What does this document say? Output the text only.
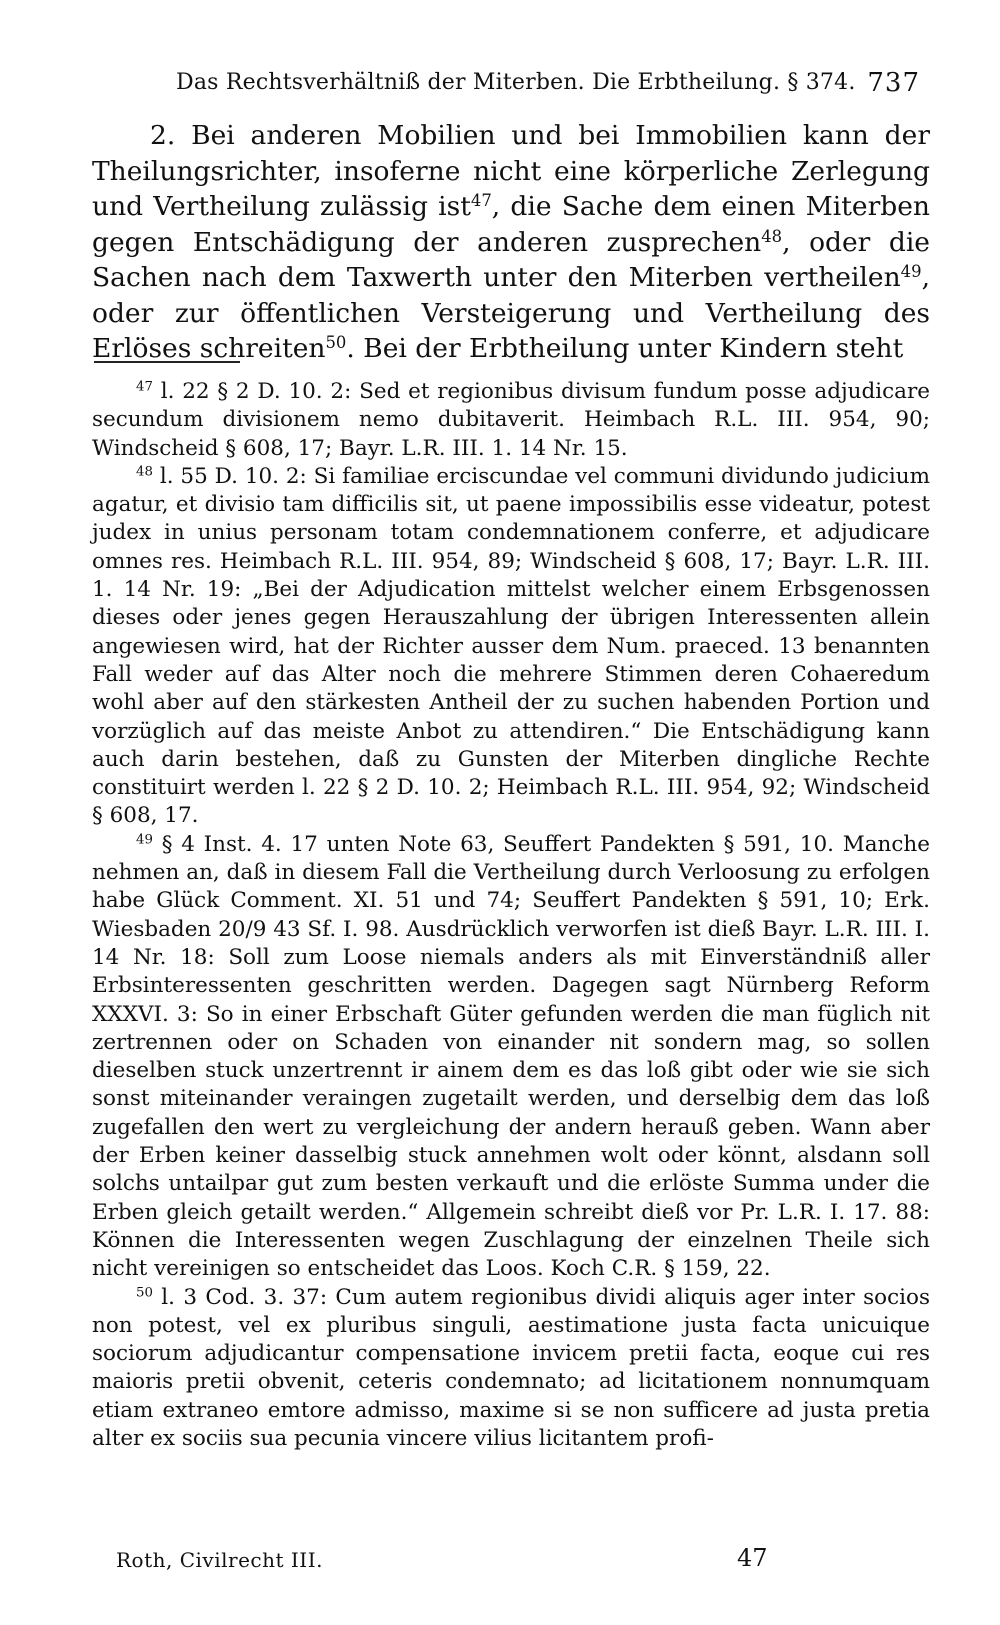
Das Rechtsverhältniß der Miterben. Die Erbtheilung. § 374. 737

2. Bei anderen Mobilien und bei Immobilien kann der Theilungsrichter, insoferne nicht eine körperliche Zerlegung und Vertheilung zulässig ist$^{47}$, die Sache dem einen Miterben gegen Entschädigung der anderen zusprechen$^{48}$, oder die Sachen nach dem Taxwerth unter den Miterben vertheilen$^{49}$, oder zur öffentlichen Versteigerung und Vertheilung des Erlöses schreiten$^{50}$. Bei der Erbtheilung unter Kindern steht

$^{47}$ l. 22 § 2 D. 10. 2: Sed et regionibus divisum fundum posse adjudicare secundum divisionem nemo dubitaverit. Heimbach R.L. III. 954, 90; Windscheid § 608, 17; Bayr. L.R. III. 1. 14 Nr. 15.

$^{48}$ l. 55 D. 10. 2: Si familiae erciscundae vel communi dividundo judicium agatur, et divisio tam difficilis sit, ut paene impossibilis esse videatur, potest judex in unius personam totam condemnationem conferre, et adjudicare omnes res. Heimbach R.L. III. 954, 89; Windscheid § 608, 17; Bayr. L.R. III. 1. 14 Nr. 19: „Bei der Adjudication mittelst welcher einem Erbsgenossen dieses oder jenes gegen Herauszahlung der übrigen Interessenten allein angewiesen wird, hat der Richter ausser dem Num. praeced. 13 benannten Fall weder auf das Alter noch die mehrere Stimmen deren Cohaeredum wohl aber auf den stärkesten Antheil der zu suchen habenden Portion und vorzüglich auf das meiste Anbot zu attendiren.“ Die Entschädigung kann auch darin bestehen, daß zu Gunsten der Miterben dingliche Rechte constituirt werden l. 22 § 2 D. 10. 2; Heimbach R.L. III. 954, 92; Windscheid § 608, 17.

$^{49}$ § 4 Inst. 4. 17 unten Note 63, Seuffert Pandekten § 591, 10. Manche nehmen an, daß in diesem Fall die Vertheilung durch Verloosung zu erfolgen habe Glück Comment. XI. 51 und 74; Seuffert Pandekten § 591, 10; Erk. Wiesbaden 20/9 43 Sf. I. 98. Ausdrücklich verworfen ist dieß Bayr. L.R. III. I. 14 Nr. 18: Soll zum Loose niemals anders als mit Einverständniß aller Erbsinteressenten geschritten werden. Dagegen sagt Nürnberg Reform XXXVI. 3: So in einer Erbschaft Güter gefunden werden die man füglich nit zertrennen oder on Schaden von einander nit sondern mag, so sollen dieselben stuck unzertrennt ir ainem dem es das loß gibt oder wie sie sich sonst miteinander veraingen zugetailt werden, und derselbig dem das loß zugefallen den wert zu vergleichung der andern herauß geben. Wann aber der Erben keiner dasselbig stuck annehmen wolt oder könnt, alsdann soll solchs untailpar gut zum besten verkauft und die erlöste Summa under die Erben gleich getailt werden.“ Allgemein schreibt dieß vor Pr. L.R. I. 17. 88: Können die Interessenten wegen Zuschlagung der einzelnen Theile sich nicht vereinigen so entscheidet das Loos. Koch C.R. § 159, 22.

$^{50}$ l. 3 Cod. 3. 37: Cum autem regionibus dividi aliquis ager inter socios non potest, vel ex pluribus singuli, aestimatione justa facta unicuique sociorum adjudicantur compensatione invicem pretii facta, eoque cui res maioris pretii obvenit, ceteris condemnato; ad licitationem nonnumquam etiam extraneo emtore admisso, maxime si se non sufficere ad justa pretia alter ex sociis sua pecunia vincere vilius licitantem profi-

Roth, Civilrecht III.	47
